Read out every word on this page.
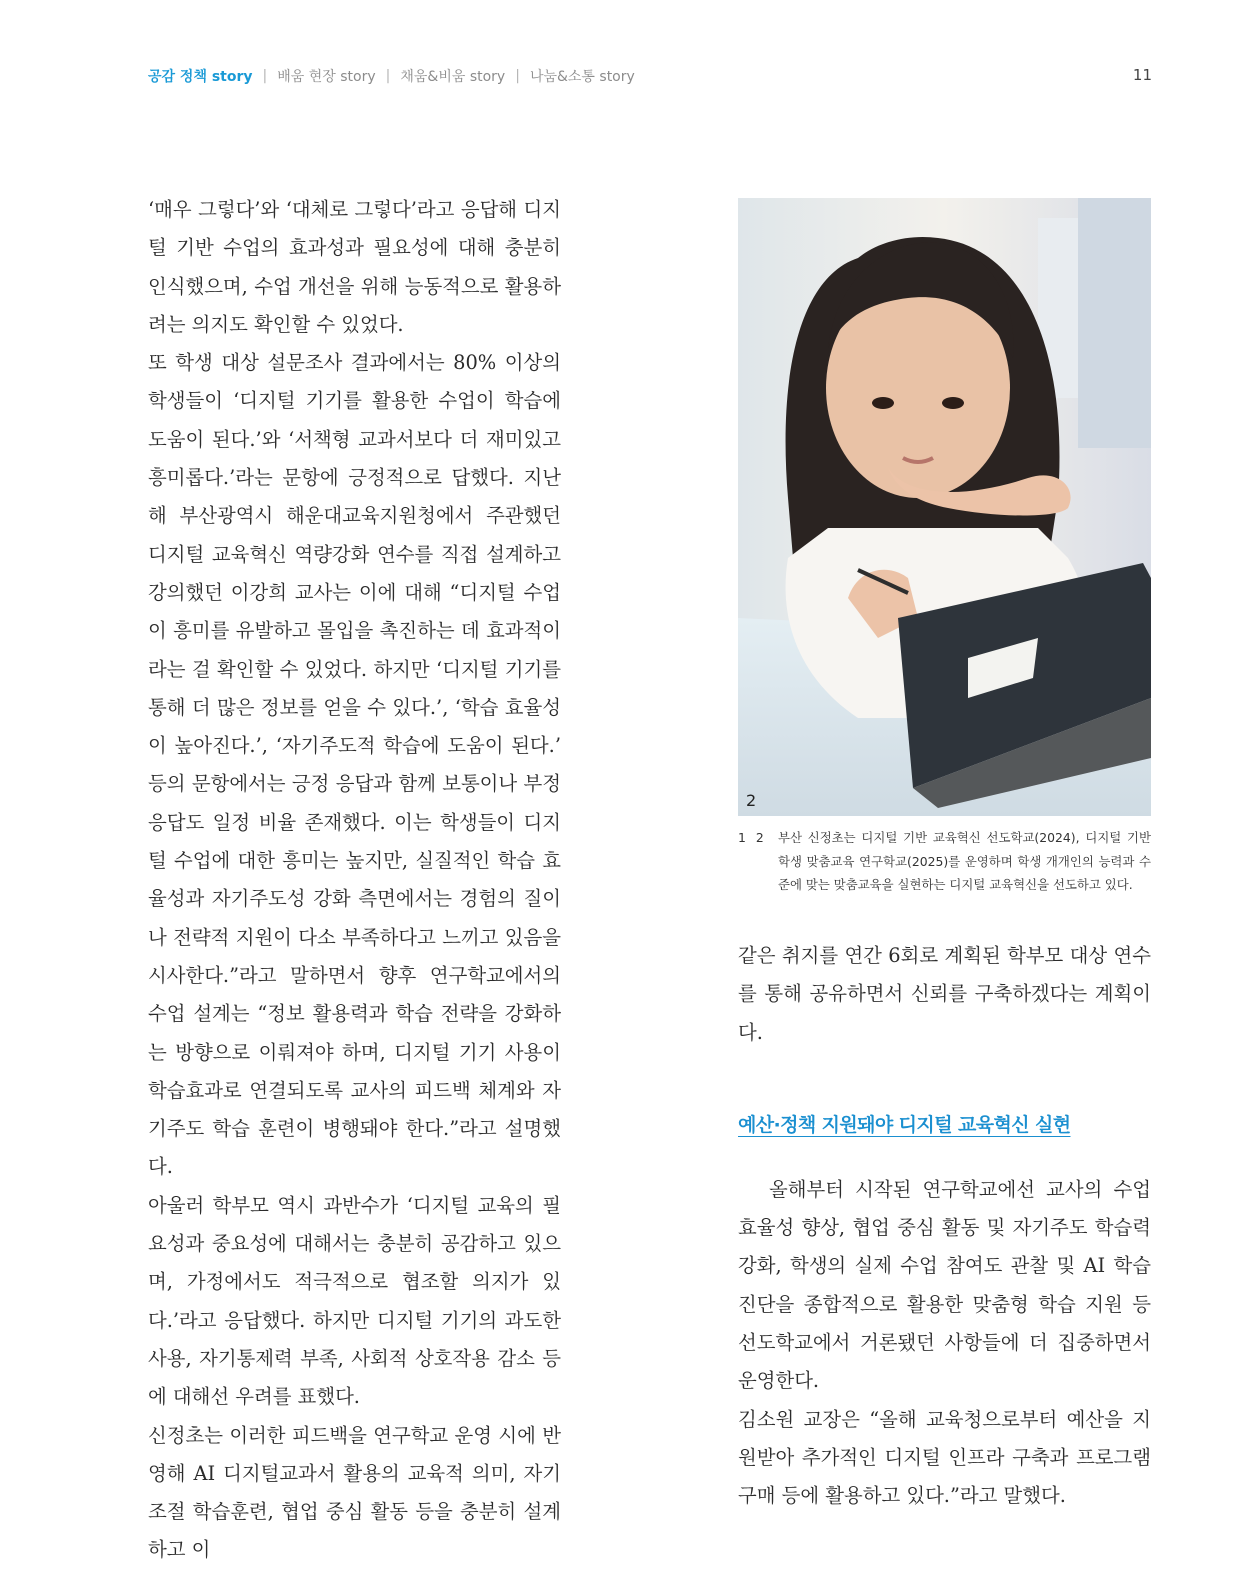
공감 정책 story | 배움 현장 story | 채움&비움 story | 나눔&소통 story	11

‘매우 그렇다’와 ‘대체로 그렇다’라고 응답해 디지털 기반 수업의 효과성과 필요성에 대해 충분히 인식했으며, 수업 개선을 위해 능동적으로 활용하려는 의지도 확인할 수 있었다.

또 학생 대상 설문조사 결과에서는 80% 이상의 학생들이 ‘디지털 기기를 활용한 수업이 학습에 도움이 된다.’와 ‘서책형 교과서보다 더 재미있고 흥미롭다.’라는 문항에 긍정적으로 답했다. 지난해 부산광역시 해운대교육지원청에서 주관했던 디지털 교육혁신 역량강화 연수를 직접 설계하고 강의했던 이강희 교사는 이에 대해 “디지털 수업이 흥미를 유발하고 몰입을 촉진하는 데 효과적이라는 걸 확인할 수 있었다. 하지만 ‘디지털 기기를 통해 더 많은 정보를 얻을 수 있다.’, ‘학습 효율성이 높아진다.’, ‘자기주도적 학습에 도움이 된다.’ 등의 문항에서는 긍정 응답과 함께 보통이나 부정 응답도 일정 비율 존재했다. 이는 학생들이 디지털 수업에 대한 흥미는 높지만, 실질적인 학습 효율성과 자기주도성 강화 측면에서는 경험의 질이나 전략적 지원이 다소 부족하다고 느끼고 있음을 시사한다.”라고 말하면서 향후 연구학교에서의 수업 설계는 “정보 활용력과 학습 전략을 강화하는 방향으로 이뤄져야 하며, 디지털 기기 사용이 학습효과로 연결되도록 교사의 피드백 체계와 자기주도 학습 훈련이 병행돼야 한다.”라고 설명했다.

아울러 학부모 역시 과반수가 ‘디지털 교육의 필요성과 중요성에 대해서는 충분히 공감하고 있으며, 가정에서도 적극적으로 협조할 의지가 있다.’라고 응답했다. 하지만 디지털 기기의 과도한 사용, 자기통제력 부족, 사회적 상호작용 감소 등에 대해선 우려를 표했다.

신정초는 이러한 피드백을 연구학교 운영 시에 반영해 AI 디지털교과서 활용의 교육적 의미, 자기조절 학습훈련, 협업 중심 활동 등을 충분히 설계하고 이

2
1 2 부산 신정초는 디지털 기반 교육혁신 선도학교(2024), 디지털 기반 학생 맞춤교육 연구학교(2025)를 운영하며 학생 개개인의 능력과 수준에 맞는 맞춤교육을 실현하는 디지털 교육혁신을 선도하고 있다.

같은 취지를 연간 6회로 계획된 학부모 대상 연수를 통해 공유하면서 신뢰를 구축하겠다는 계획이다.

예산·정책 지원돼야 디지털 교육혁신 실현

올해부터 시작된 연구학교에선 교사의 수업 효율성 향상, 협업 중심 활동 및 자기주도 학습력 강화, 학생의 실제 수업 참여도 관찰 및 AI 학습 진단을 종합적으로 활용한 맞춤형 학습 지원 등 선도학교에서 거론됐던 사항들에 더 집중하면서 운영한다.

김소원 교장은 “올해 교육청으로부터 예산을 지원받아 추가적인 디지털 인프라 구축과 프로그램 구매 등에 활용하고 있다.”라고 말했다.
